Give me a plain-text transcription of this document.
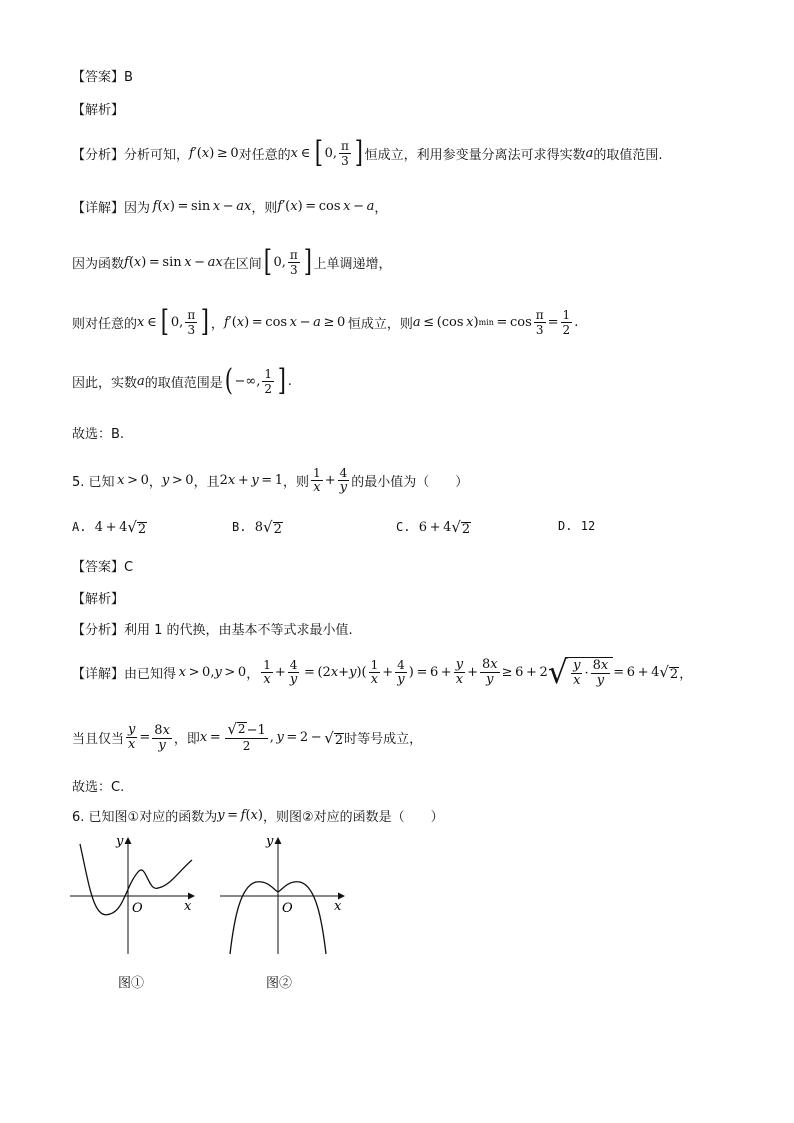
【答案】B
【解析】
【分析】 分析可知， f ′( x ) ≥ 0 对任意的 x  ∈  [ 0, $\frac{\pi}{3}$ ] 恒成立，利用参变量分离法可求得实数 a 的取值范围.
【详解】 因为  f ( x ) = sin  x  −  ax ，则 f ′( x ) = cos  x  −  a ，
因为函数 f ( x ) = sin  x  −  ax 在区间 [ 0, $\frac{\pi}{3}$ ] 上单调递增，
则对任意的 x  ∈  [ 0, $\frac{\pi}{3}$ ] ， f ′( x ) = cos  x  −  a  ≥ 0  恒成立，则 a  ≤ (cos  x ) $\min = \cos \frac{\pi}{3} = \frac{1}{2}$ .
因此，实数 a 的取值范围是 ( −∞, $\frac{1}{2}$ ] .
故选：B.
5. 已知  x  > 0 ， y  > 0 ，且 2 x  +  y  = 1 ，则 $\frac{1}{x} + \frac{4}{y}$ 的最小值为（　　）
A.
4 + 4 √ 2	B.
8 √ 2	C.
6 + 4 √ 2	D.
12
【答案】C
【解析】
【分析】 利用 1 的代换，由基本不等式求最小值.
【详解】 由已知得  x  > 0, y  > 0 ， $\frac{1}{x} + \frac{4}{y} = (2$ x + y )( $\frac{1}{x} + \frac{4}{y}$ ) = $6 + \frac{y}{x} + \frac{8x}{y} \ge 6 + 2$ √ $\frac{y}{x} \cdot \frac{8x}{y} = 6 + 4$ √ 2 ，
当且仅当 $\frac{y}{x} = \frac{8x}{y}$ ，即 $x = \frac{√ 2 -1}{2}$ ,  y  = 2 −  √ 2 时等号成立，
故选：C.
6. 已知图①对应的函数为 y  =  f ( x ) ，则图②对应的函数是（　　）
y
x
O
图①
y
x
O
图②
